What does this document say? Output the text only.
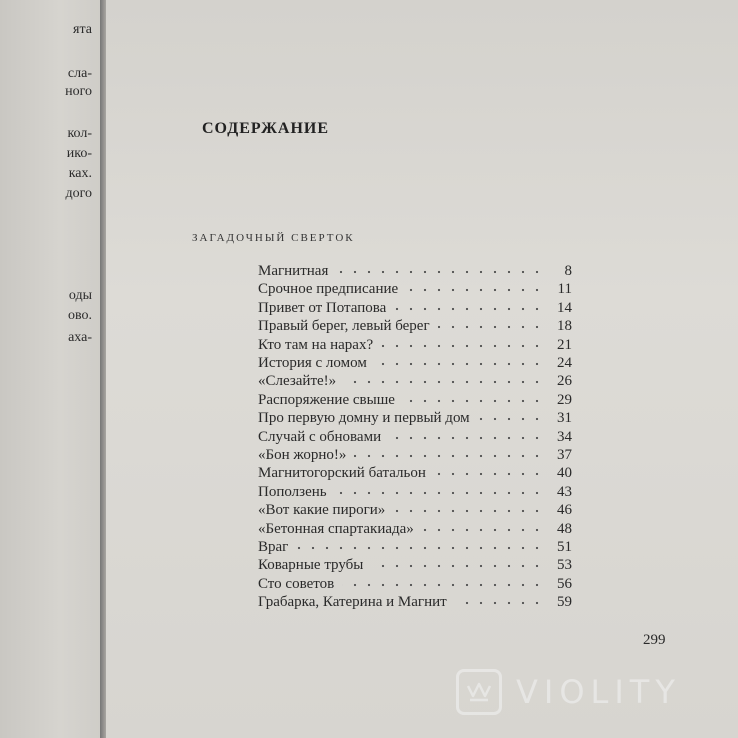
ята
сла-
ного
кол-
ико-
ках.
дого
оды
ово.
аха-
СОДЕРЖАНИЕ
ЗАГАДОЧНЫЙ СВЕРТОК
Магнитная	8
Срочное предписание	11
Привет от Потапова	14
Правый берег, левый берег	18
Кто там на нарах?	21
История с ломом	24
«Слезайте!»	26
Распоряжение свыше	29
Про первую домну и первый дом	31
Случай с обновами	34
«Бон жорно!»	37
Магнитогорский батальон	40
Поползень	43
«Вот какие пироги»	46
«Бетонная спартакиада»	48
Враг	51
Коварные трубы	53
Сто советов	56
Грабарка, Катерина и Магнит	59
299
VIOLITY
